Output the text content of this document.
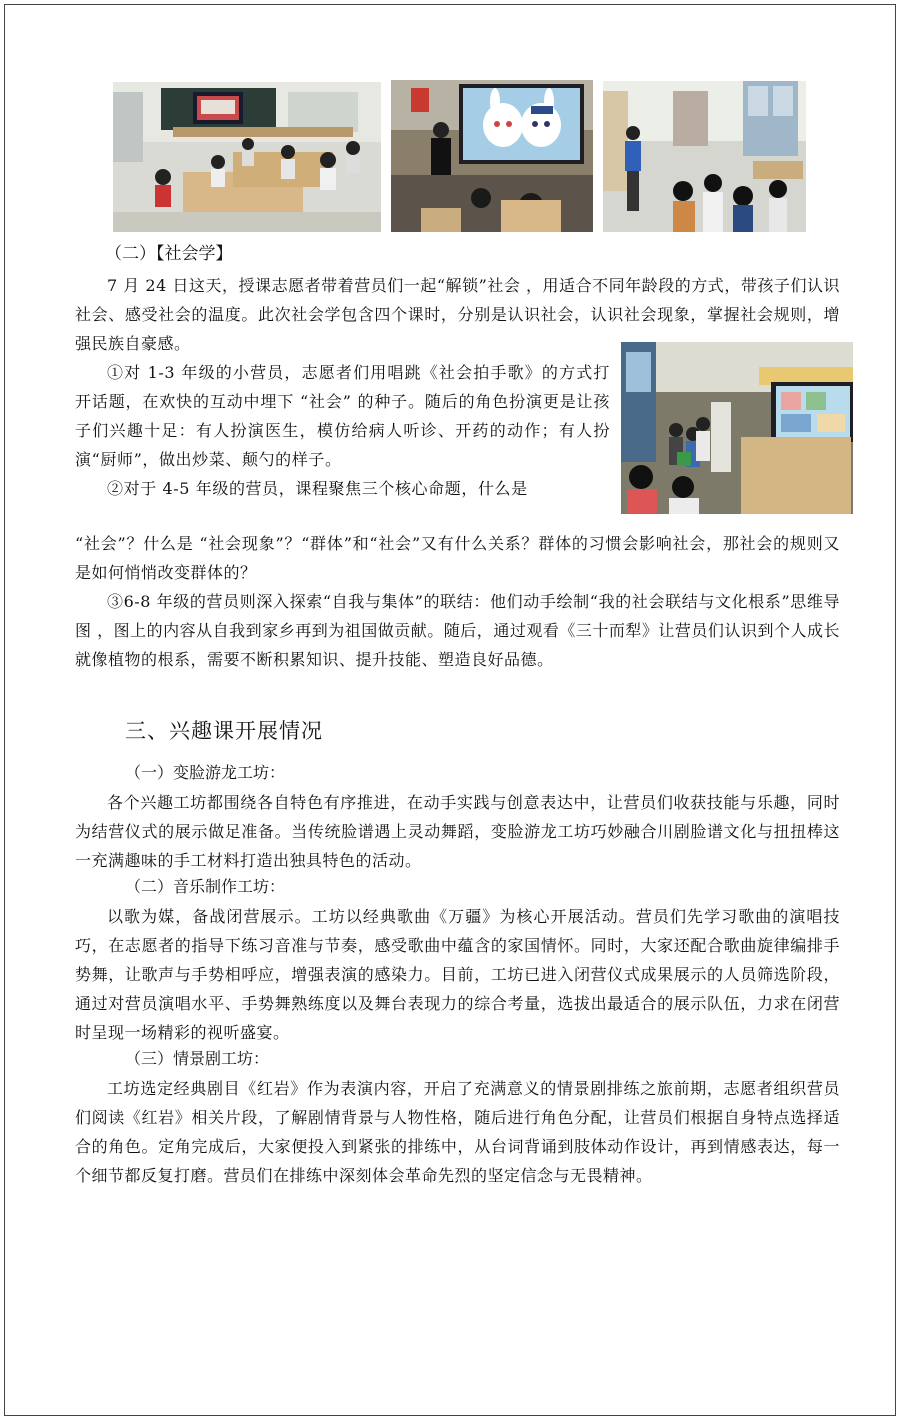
（二）【社会学】

7 月 24 日这天，授课志愿者带着营员们一起“解锁”社会 ，用适合不同年龄段的方式，带孩子们认识社会、感受社会的温度。此次社会学包含四个课时，分别是认识社会，认识社会现象，掌握社会规则，增强民族自豪感。

①对 1-3 年级的小营员，志愿者们用唱跳《社会拍手歌》的方式打开话题，在欢快的互动中埋下 “社会” 的种子。随后的角色扮演更是让孩子们兴趣十足：有人扮演医生，模仿给病人听诊、开药的动作；有人扮演“厨师”，做出炒菜、颠勺的样子。

②对于 4-5 年级的营员，课程聚焦三个核心命题，什么是

“社会”？什么是 “社会现象”？“群体”和“社会”又有什么关系？群体的习惯会影响社会，那社会的规则又是如何悄悄改变群体的？

③6-8 年级的营员则深入探索“自我与集体”的联结：他们动手绘制“我的社会联结与文化根系”思维导图 ，图上的内容从自我到家乡再到为祖国做贡献。随后，通过观看《三十而犁》让营员们认识到个人成长就像植物的根系，需要不断积累知识、提升技能、塑造良好品德。

三、兴趣课开展情况
（一）变脸游龙工坊：

各个兴趣工坊都围绕各自特色有序推进，在动手实践与创意表达中，让营员们收获技能与乐趣，同时为结营仪式的展示做足准备。当传统脸谱遇上灵动舞蹈，变脸游龙工坊巧妙融合川剧脸谱文化与扭扭棒这一充满趣味的手工材料打造出独具特色的活动。

（二）音乐制作工坊：

以歌为媒，备战闭营展示。工坊以经典歌曲《万疆》为核心开展活动。营员们先学习歌曲的演唱技巧，在志愿者的指导下练习音准与节奏，感受歌曲中蕴含的家国情怀。同时，大家还配合歌曲旋律编排手势舞，让歌声与手势相呼应，增强表演的感染力。目前，工坊已进入闭营仪式成果展示的人员筛选阶段，通过对营员演唱水平、手势舞熟练度以及舞台表现力的综合考量，选拔出最适合的展示队伍，力求在闭营时呈现一场精彩的视听盛宴。

（三）情景剧工坊：

工坊选定经典剧目《红岩》作为表演内容，开启了充满意义的情景剧排练之旅前期，志愿者组织营员们阅读《红岩》相关片段，了解剧情背景与人物性格，随后进行角色分配，让营员们根据自身特点选择适合的角色。定角完成后，大家便投入到紧张的排练中，从台词背诵到肢体动作设计，再到情感表达，每一个细节都反复打磨。营员们在排练中深刻体会革命先烈的坚定信念与无畏精神。
